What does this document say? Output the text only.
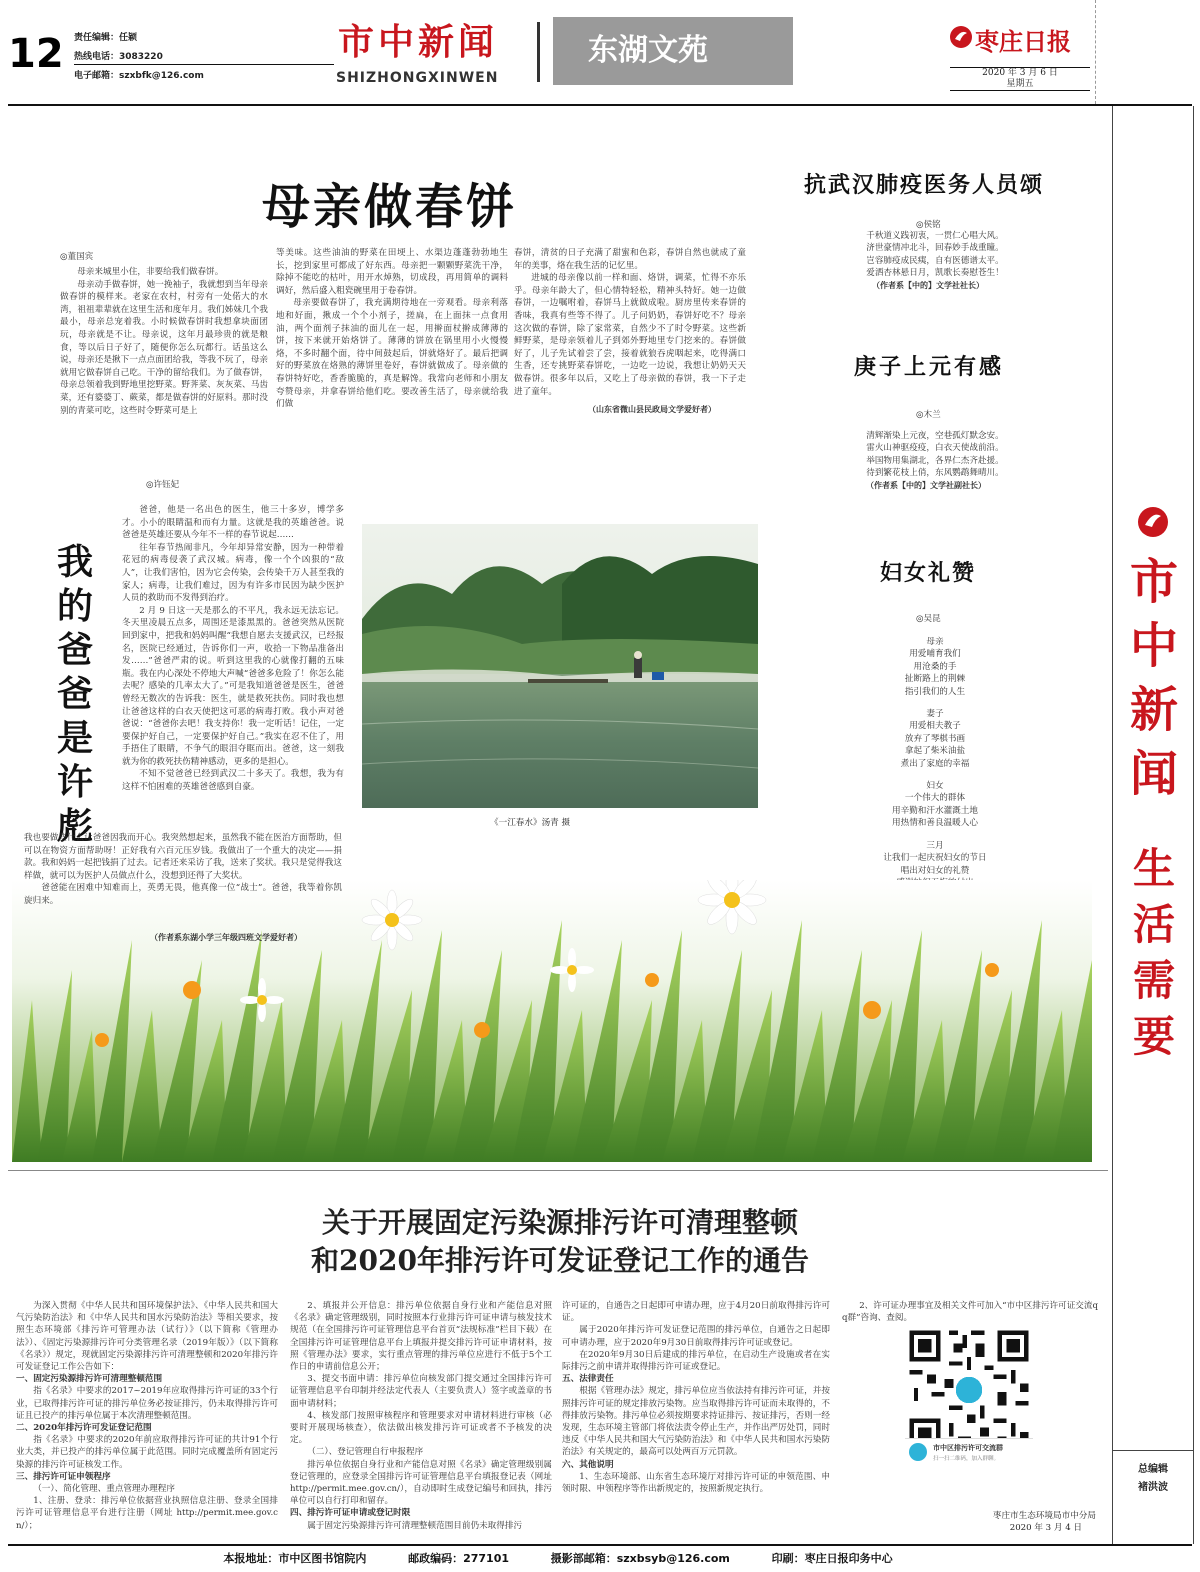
12	责任编辑：任颖
热线电话：3083220
电子邮箱：szxbfk@126.com
市中新闻
SHIZHONGXINWEN
东湖文苑	枣庄日报
2020 年 3 月 6 日
星期五
市
中
新
闻
生
活
需
要
总编辑
褚洪波
母亲做春饼
◎董国宾

母亲来城里小住，非要给我们做春饼。

母亲动手做春饼，她一挽袖子，我就想到当年母亲做春饼的模样来。老家在农村，村旁有一处偌大的水湾，祖祖辈辈就在这里生活和度年月。我们姊妹几个我最小，母亲总宠着我。小时候做春饼时我想拿块面团玩，母亲就是不让。母亲说，这年月最珍贵的就是粮食，等以后日子好了，随便你怎么玩都行。话虽这么说，母亲还是揪下一点点面团给我，等我不玩了，母亲就用它做春饼自己吃。干净的留给我们。为了做春饼，母亲总领着我到野地里挖野菜。野荠菜、灰灰菜、马齿菜，还有婆婆丁、蕨菜，都是做春饼的好原料。那时没别的青菜可吃，这些时令野菜可是上

等美味。这些油油的野菜在田埂上、水渠边蓬蓬勃勃地生长，挖到家里可都成了好东西。母亲把一颗颗野菜洗干净，除掉不能吃的枯叶，用开水焯熟，切成段，再用简单的调料调好，然后盛入粗瓷碗里用于卷春饼。

母亲要做春饼了，我充满期待地在一旁观看。母亲利落地和好面，揪成一个个小剂子，搓扁，在上面抹一点食用油，两个面剂子抹油的面儿在一起，用擀面杖擀成薄薄的饼，按下来就开始烙饼了。薄薄的饼放在锅里用小火慢慢烙，不多时翻个面，待中间鼓起后，饼就烙好了。最后把调好的野菜放在烙熟的薄饼里卷好，春饼就做成了。母亲做的春饼特好吃，香香脆脆的，真是解馋。我常向老师和小朋友夸赞母亲，并拿春饼给他们吃。要改善生活了，母亲就给我们做

春饼，清贫的日子充满了甜蜜和色彩，春饼自然也就成了童年的美事，烙在我生活的记忆里。

进城的母亲像以前一样和面、烙饼，调菜，忙得不亦乐乎。母亲年龄大了，但心情特轻松，精神头特好。她一边做春饼，一边嘱咐着，春饼马上就做成啦。厨房里传来春饼的香味，我真有些等不得了。儿子问奶奶，春饼好吃不？母亲这次做的春饼，除了家常菜，自然少不了时令野菜。这些新鲜野菜，是母亲领着儿子到郊外野地里专门挖来的。春饼做好了，儿子先试着尝了尝，接着就狼吞虎咽起来，吃得满口生香，还专挑野菜春饼吃，一边吃一边说，我想让奶奶天天做春饼。很多年以后，又吃上了母亲做的春饼，我一下子走进了童年。

（山东省微山县民政局文学爱好者）
抗武汉肺疫医务人员颂
◎侯铭
千秋道义践初衷，一贯仁心唱大风。
济世豪情冲北斗，回春妙手战重瞳。
岂容肺疫成民痍，自有医德谱太平。
爱洒杏林悬日月，凯歌长奏慰苍生！
（作者系【中的】文学社社长）
庚子上元有感
◎木兰
清辉渐染上元夜，空巷孤灯默念安。
雷火山神驱疫疫，白衣天使战前沿。
举国物用集湖北，各界仁杰齐赴援。
待到繁花枝上俏，东风鹦鹉舞晴川。
（作者系【中的】文学社副社长）
妇女礼赞
◎吴昆
母亲
用爱哺育我们
用沧桑的手
扯断路上的荆棘
指引我们的人生
妻子
用爱相夫教子
放弃了琴棋书画
拿起了柴米油盐
煮出了家庭的幸福
妇女
一个伟大的群体
用辛勤和汗水灌溉土地
用热情和善良温暖人心
三月
让我们一起庆祝妇女的节日
唱出对妇女的礼赞
《一江春水》汤青 摄
我的爸爸是许彪
◎许钰妃

爸爸，他是一名出色的医生，他三十多岁，博学多才。小小的眼睛温和而有力量。这就是我的英雄爸爸。说爸爸是英雄还要从今年不一样的春节说起……

往年春节热闹非凡，今年却异常安静，因为一种带着花冠的病毒侵袭了武汉城。病毒，像一个个凶狠的“敌人”，让我们害怕，因为它会传染，会传染千万人甚至我的家人；病毒，让我们难过，因为有许多市民因为缺少医护人员的救助而不发得到治疗。

2 月 9 日这一天是那么的不平凡，我永远无法忘记。冬天里凌晨五点多，周围还是漆黑黑的。爸爸突然从医院回到家中，把我和妈妈叫醒“我想自愿去支援武汉，已经报名，医院已经通过，告诉你们一声，收拾一下物品准备出发……”爸爸严肃的说。听到这里我的心就像打翻的五味瓶。我在内心深处不停地大声喊“爸爸多危险了！你怎么能去呢？感染的几率太大了。”可是我知道爸爸是医生，爸爸曾经无数次的告诉我：医生，就是救死扶伤。同时我也想让爸爸这样的白衣天使把这可恶的病毒打败。我小声对爸爸说：“爸爸你去吧！我支持你！我一定听话！记住，一定要保护好自己，一定要保护好自己。”我实在忍不住了，用手捂住了眼睛，不争气的眼泪夺眶而出。爸爸，这一刻我就为你的救死扶伤精神感动，更多的是担心。

不知不觉爸爸已经到武汉二十多天了。我想，我为有这样不怕困难的英雄爸爸感到自豪。

我也要做些什么让爸爸因我而开心。我突然想起来，虽然我不能在医治方面帮助，但可以在物资方面帮助呀！正好我有六百元压岁钱。我做出了一个重大的决定——捐款。我和妈妈一起把钱捐了过去。记者还来采访了我，送来了奖状。我只是觉得我这样做，就可以为医护人员做点什么，没想到还得了大奖状。

爸爸能在困难中知难而上，英勇无畏，他真像一位“战士”。爸爸，我等着你凯旋归来。

（作者系东湖小学三年级四班文学爱好者）
关于开展固定污染源排污许可清理整顿
和2020年排污许可发证登记工作的通告

为深入贯彻《中华人民共和国环境保护法》、《中华人民共和国大气污染防治法》和《中华人民共和国水污染防治法》等相关要求，按照生态环境部《排污许可管理办法（试行）》（以下简称《管理办法》）、《固定污染源排污许可分类管理名录（2019年版）》（以下简称《名录》）规定，现就固定污染源排污许可清理整顿和2020年排污许可发证登记工作公告如下：

一、固定污染源排污许可清理整顿范围

指《名录》中要求的2017~2019年应取得排污许可证的33个行业，已取得排污许可证的排污单位务必按证排污，仍未取得排污许可证且已投产的排污单位属于本次清理整顿范围。

二、2020年排污许可发证登记范围

指《名录》中要求的2020年前应取得排污许可证的共计91个行业大类，并已投产的排污单位属于此范围。同时完成覆盖所有固定污染源的排污许可证核发工作。

三、排污许可证申领程序

（一）、简化管理、重点管理办理程序

1、注册、登录：排污单位依据营业执照信息注册、登录全国排污许可证管理信息平台进行注册（网址 http://permit.mee.gov.cn/）；

2、填报并公开信息：排污单位依据自身行业和产能信息对照《名录》确定管理级别，同时按照本行业排污许可证申请与核发技术规范（在全国排污许可证管理信息平台首页“法规标准”栏目下载）在全国排污许可证管理信息平台上填报并提交排污许可证申请材料，按照《管理办法》要求，实行重点管理的排污单位应进行不低于5个工作日的申请前信息公开；

3、提交书面申请：排污单位向核发部门提交通过全国排污许可证管理信息平台印制并经法定代表人（主要负责人）签字或盖章的书面申请材料；

4、核发部门按照审核程序和管理要求对申请材料进行审核（必要时开展现场核查），依法做出核发排污许可证或者不予核发的决定。

（二）、登记管理自行申报程序

排污单位依据自身行业和产能信息对照《名录》确定管理级别属登记管理的，应登录全国排污许可证管理信息平台填报登记表（网址 http://permit.mee.gov.cn/），自动即时生成登记编号和回执，排污单位可以自行打印和留存。

四、排污许可证申请或登记时限

属于固定污染源排污许可清理整顿范围目前仍未取得排污

许可证的，自通告之日起即可申请办理，应于4月20日前取得排污许可证。

属于2020年排污许可发证登记范围的排污单位，自通告之日起即可申请办理，应于2020年9月30日前取得排污许可证或登记。

在2020年9月30日后建成的排污单位，在启动生产设施或者在实际排污之前申请并取得排污许可证或登记。

五、法律责任

根据《管理办法》规定，排污单位应当依法持有排污许可证，并按照排污许可证的规定排放污染物。应当取得排污许可证而未取得的，不得排放污染物。排污单位必须按期要求持证排污、按证排污，否则一经发现，生态环境主管部门将依法责令停止生产，并作出严厉处罚，同时违反《中华人民共和国大气污染防治法》和《中华人民共和国水污染防治法》有关规定的，最高可以处两百万元罚款。

六、其他说明

1、生态环境部、山东省生态环境厅对排污许可证的申领范围、申领时限、申领程序等作出新规定的，按照新规定执行。

2、许可证办理事宜及相关文件可加入“市中区排污许可证交流qq群”咨询、查阅。

市中区排污许可交流群
扫一扫二维码，加入群聊。
枣庄市生态环境局市中分局
2020 年 3 月 4 日
本报地址：市中区图书馆院内	邮政编码：277101	摄影部邮箱：szxbsyb@126.com	印刷：枣庄日报印务中心
